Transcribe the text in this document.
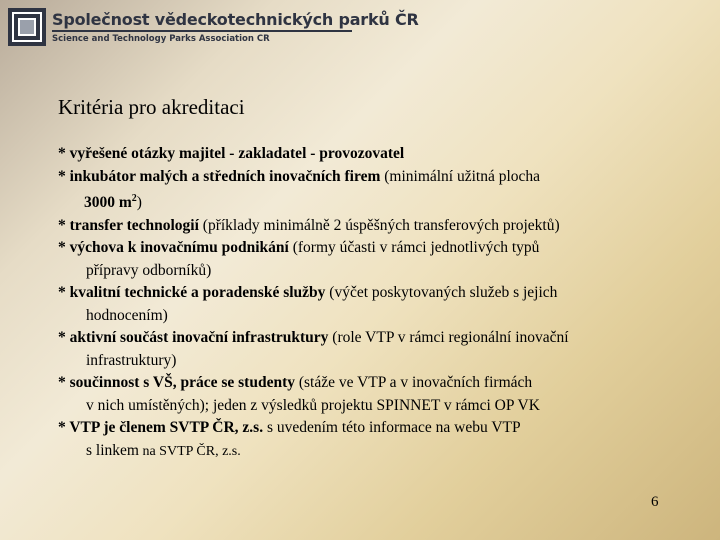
Společnost vědeckotechnických parků ČR
Science and Technology Parks Association CR
Kritéria pro akreditaci
* vyřešené otázky majitel - zakladatel - provozovatel
* inkubátor malých a středních inovačních firem (minimální užitná plocha
3000 $m^2$)
* transfer technologií (příklady minimálně 2 úspěšných transferových projektů)
* výchova k inovačnímu podnikání (formy účasti v rámci jednotlivých typů
přípravy odborníků)
* kvalitní technické a poradenské služby (výčet poskytovaných služeb s jejich
hodnocením)
* aktivní součást inovační infrastruktury (role VTP v rámci regionální inovační
infrastruktury)
* součinnost s VŠ, práce se studenty (stáže ve VTP a v inovačních firmách
v nich umístěných); jeden z výsledků projektu SPINNET v rámci OP VK
* VTP je členem SVTP ČR, z.s. s uvedením této informace na webu VTP
s linkem na SVTP ČR, z.s.
6
